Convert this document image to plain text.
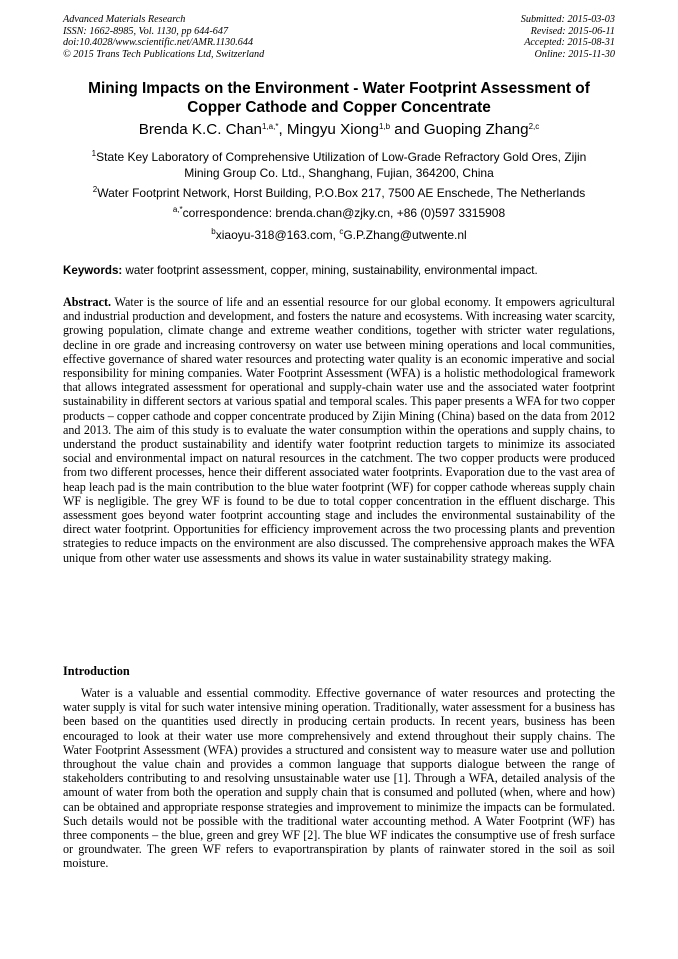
Advanced Materials Research
ISSN: 1662-8985, Vol. 1130, pp 644-647
doi:10.4028/www.scientific.net/AMR.1130.644
© 2015 Trans Tech Publications Ltd, Switzerland
Submitted: 2015-03-03
Revised: 2015-06-11
Accepted: 2015-08-31
Online: 2015-11-30
Mining Impacts on the Environment - Water Footprint Assessment of
Copper Cathode and Copper Concentrate
Brenda K.C. Chan$^{1,a,*}$, Mingyu Xiong$^{1,b}$ and Guoping Zhang$^{2,c}$
$^1$State Key Laboratory of Comprehensive Utilization of Low-Grade Refractory Gold Ores, Zijin
Mining Group Co. Ltd., Shanghang, Fujian, 364200, China
$^2$Water Footprint Network, Horst Building, P.O.Box 217, 7500 AE Enschede, The Netherlands
$^{a,*}$correspondence: brenda.chan@zjky.cn, +86 (0)597 3315908
$^b$xiaoyu-318@163.com, $^c$G.P.Zhang@utwente.nl
Keywords: water footprint assessment, copper, mining, sustainability, environmental impact.

Abstract. Water is the source of life and an essential resource for our global economy. It empowers agricultural and industrial production and development, and fosters the nature and ecosystems. With increasing water scarcity, growing population, climate change and extreme weather conditions, together with stricter water regulations, decline in ore grade and increasing controversy on water use between mining operations and local communities, effective governance of shared water resources and protecting water quality is an economic imperative and social responsibility for mining companies. Water Footprint Assessment (WFA) is a holistic methodological framework that allows integrated assessment for operational and supply-chain water use and the associated water footprint sustainability in different sectors at various spatial and temporal scales. This paper presents a WFA for two copper products – copper cathode and copper concentrate produced by Zijin Mining (China) based on the data from 2012 and 2013. The aim of this study is to evaluate the water consumption within the operations and supply chains, to understand the product sustainability and identify water footprint reduction targets to minimize its associated social and environmental impact on natural resources in the catchment. The two copper products were produced from two different processes, hence their different associated water footprints. Evaporation due to the vast area of heap leach pad is the main contribution to the blue water footprint (WF) for copper cathode whereas supply chain WF is negligible. The grey WF is found to be due to total copper concentration in the effluent discharge. This assessment goes beyond water footprint accounting stage and includes the environmental sustainability of the direct water footprint. Opportunities for efficiency improvement across the two processing plants and prevention strategies to reduce impacts on the environment are also discussed. The comprehensive approach makes the WFA unique from other water use assessments and shows its value in water sustainability strategy making.

Introduction

Water is a valuable and essential commodity. Effective governance of water resources and protecting the water supply is vital for such water intensive mining operation. Traditionally, water assessment for a business has been based on the quantities used directly in producing certain products. In recent years, business has been encouraged to look at their water use more comprehensively and extend throughout their supply chains. The Water Footprint Assessment (WFA) provides a structured and consistent way to measure water use and pollution throughout the value chain and provides a common language that supports dialogue between the range of stakeholders contributing to and resolving unsustainable water use [1]. Through a WFA, detailed analysis of the amount of water from both the operation and supply chain that is consumed and polluted (when, where and how) can be obtained and appropriate response strategies and improvement to minimize the impacts can be formulated. Such details would not be possible with the traditional water accounting method. A Water Footprint (WF) has three components – the blue, green and grey WF [2]. The blue WF indicates the consumptive use of fresh surface or groundwater. The green WF refers to evaportranspiration by plants of rainwater stored in the soil as soil moisture.
